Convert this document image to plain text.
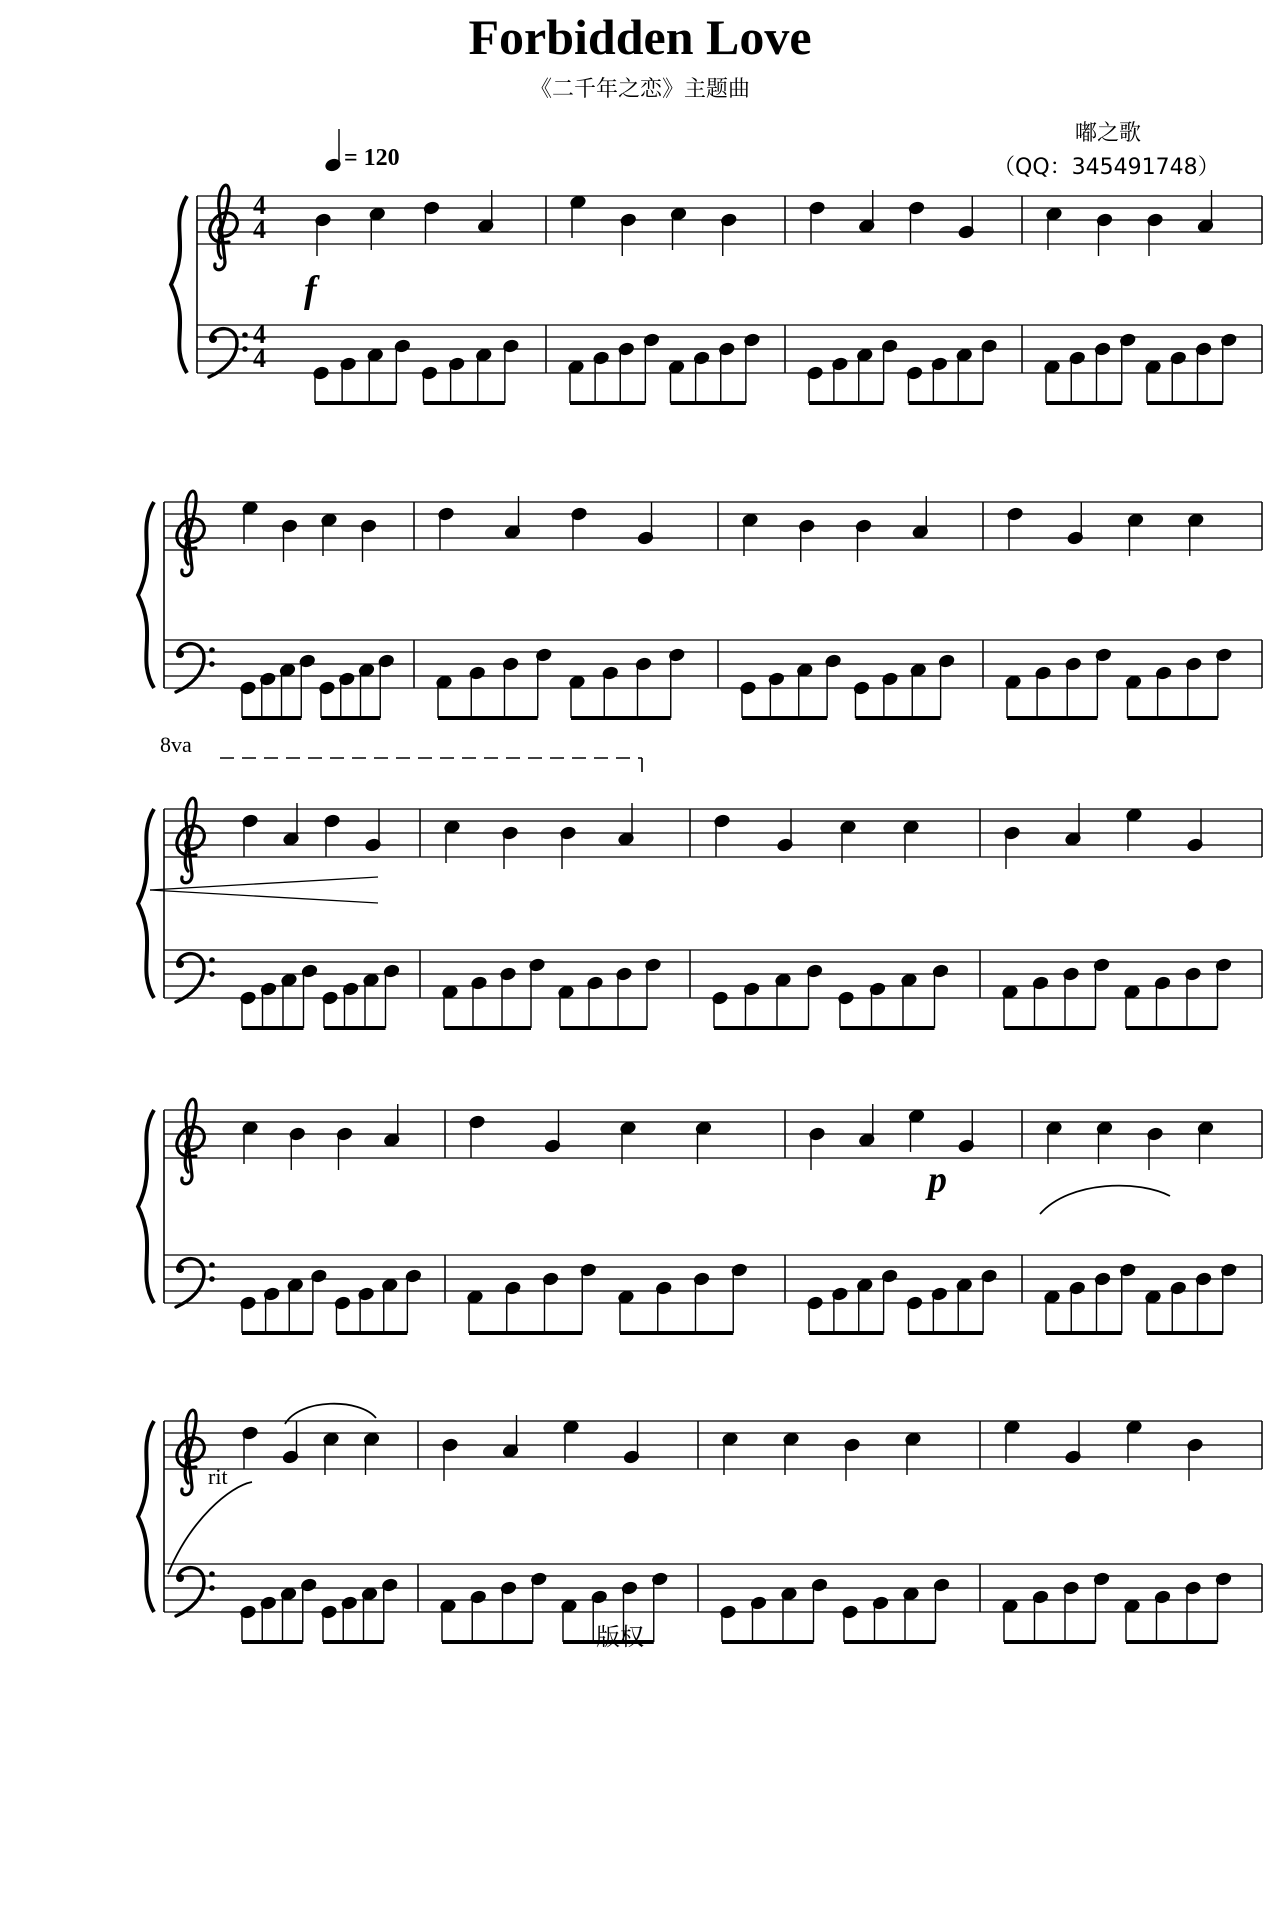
4
4
4
4
Forbidden Love
《二千年之恋》主题曲
嘟之歌
（QQ：345491748）
= 120
f
p
8va
rit
版权
